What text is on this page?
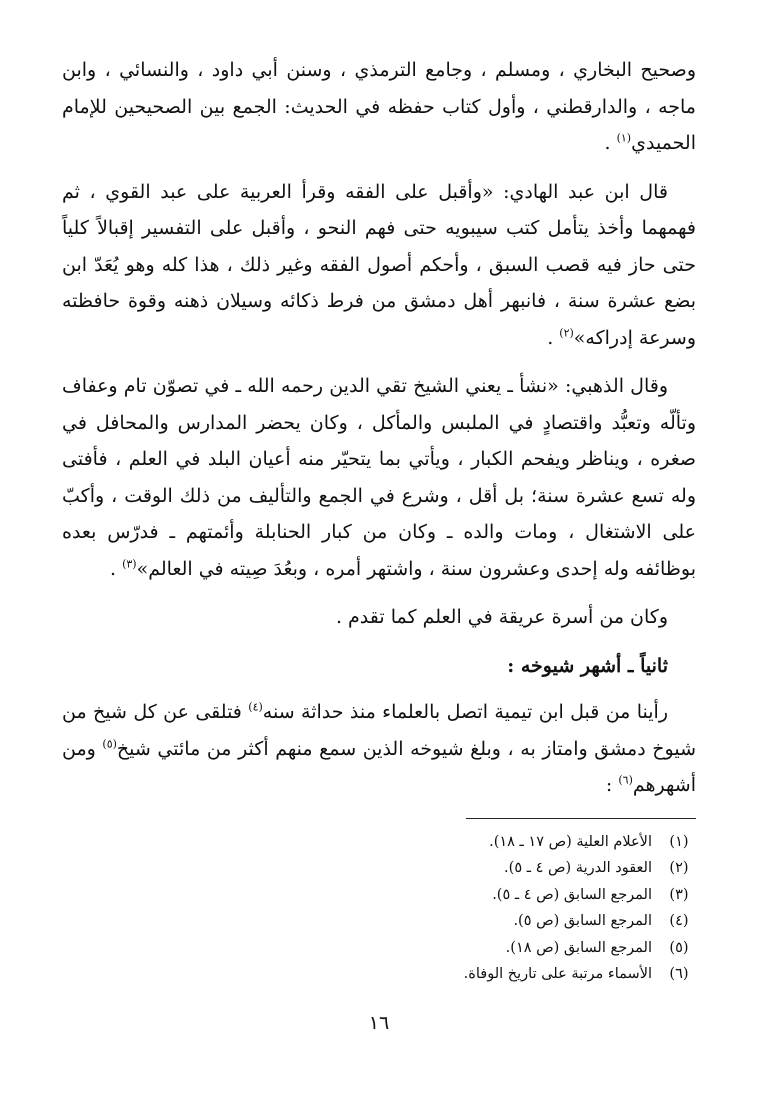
وصحيح البخاري ، ومسلم ، وجامع الترمذي ، وسنن أبي داود ، والنسائي ، وابن ماجه ، والدارقطني ، وأول كتاب حفظه في الحديث: الجمع بين الصحيحين للإمام الحميدي$^{(١)}$ .

قال ابن عبد الهادي: «وأقبل على الفقه وقرأ العربية على عبد القوي ، ثم فهمهما وأخذ يتأمل كتب سيبويه حتى فهم النحو ، وأقبل على التفسير إقبالاً كلياً حتى حاز فيه قصب السبق ، وأحكم أصول الفقه وغير ذلك ، هذا كله وهو يُعَدّ ابن بضع عشرة سنة ، فانبهر أهل دمشق من فرط ذكائه وسيلان ذهنه وقوة حافظته وسرعة إدراكه»$^{(٢)}$ .

وقال الذهبي: «نشأ ـ يعني الشيخ تقي الدين رحمه الله ـ في تصوّن تام وعفاف وتألّه وتعبُّد واقتصادٍ في الملبس والمأكل ، وكان يحضر المدارس والمحافل في صغره ، ويناظر ويفحم الكبار ، ويأتي بما يتحيّر منه أعيان البلد في العلم ، فأفتى وله تسع عشرة سنة؛ بل أقل ، وشرع في الجمع والتأليف من ذلك الوقت ، وأكبّ على الاشتغال ، ومات والده ـ وكان من كبار الحنابلة وأئمتهم ـ فدرّس بعده بوظائفه وله إحدى وعشرون سنة ، واشتهر أمره ، وبعُدَ صِيته في العالم»$^{(٣)}$ .

وكان من أسرة عريقة في العلم كما تقدم .

ثانياً ـ أشهر شيوخه :

رأينا من قبل ابن تيمية اتصل بالعلماء منذ حداثة سنه$^{(٤)}$ فتلقى عن كل شيخ من شيوخ دمشق وامتاز به ، وبلغ شيوخه الذين سمع منهم أكثر من مائتي شيخ$^{(٥)}$ ومن أشهرهم$^{(٦)}$ :

(١)
الأعلام العلية (ص ١٧ ـ ١٨).
(٢)
العقود الدرية (ص ٤ ـ ٥).
(٣)
المرجع السابق (ص ٤ ـ ٥).
(٤)
المرجع السابق (ص ٥).
(٥)
المرجع السابق (ص ١٨).
(٦)
الأسماء مرتبة على تاريخ الوفاة.
١٦
